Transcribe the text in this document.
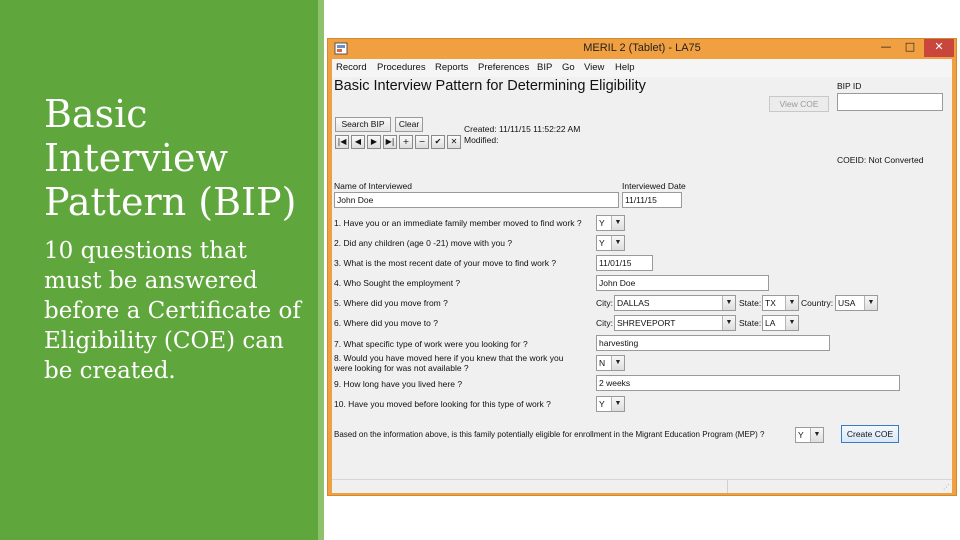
Basic Interview Pattern (BIP)
10 questions that must be answered before a Certificate of Eligibility (COE) can be created.
MERIL 2 (Tablet) - LA75	—	□	✕
Record Procedures Reports Preferences BIP Go View Help
Basic Interview Pattern for Determining Eligibility	BIP ID
View COE
Search BIP	Clear
|◀	◀	▶	▶|	+	−	✔	✕
Created: 11/11/15 11:52:22 AM
Modified:
COEID: Not Converted
Name of Interviewed
John Doe
Interviewed Date
11/11/15
1. Have you or an immediate family member moved to find work ?	Y	▼
2. Did any children (age 0 -21) move with you ?	Y	▼
3. What is the most recent date of your move to find work ?	11/01/15
4. Who Sought the employment ?	John Doe
5. Where did you move from ?	City: DALLAS	▼ State: TX	▼ Country: USA	▼
6. Where did you move to ?	City: SHREVEPORT	▼ State: LA	▼
7. What specific type of work were you looking for ?	harvesting
8. Would you have moved here if you knew that the work you
were looking for was not available ?	N	▼
9. How long have you lived here ?	2 weeks
10. Have you moved before looking for this type of work ?	Y	▼
Based on the information above, is this family potentially eligible for enrollment in the Migrant Education Program (MEP) ?	Y	▼	Create COE
⋰
